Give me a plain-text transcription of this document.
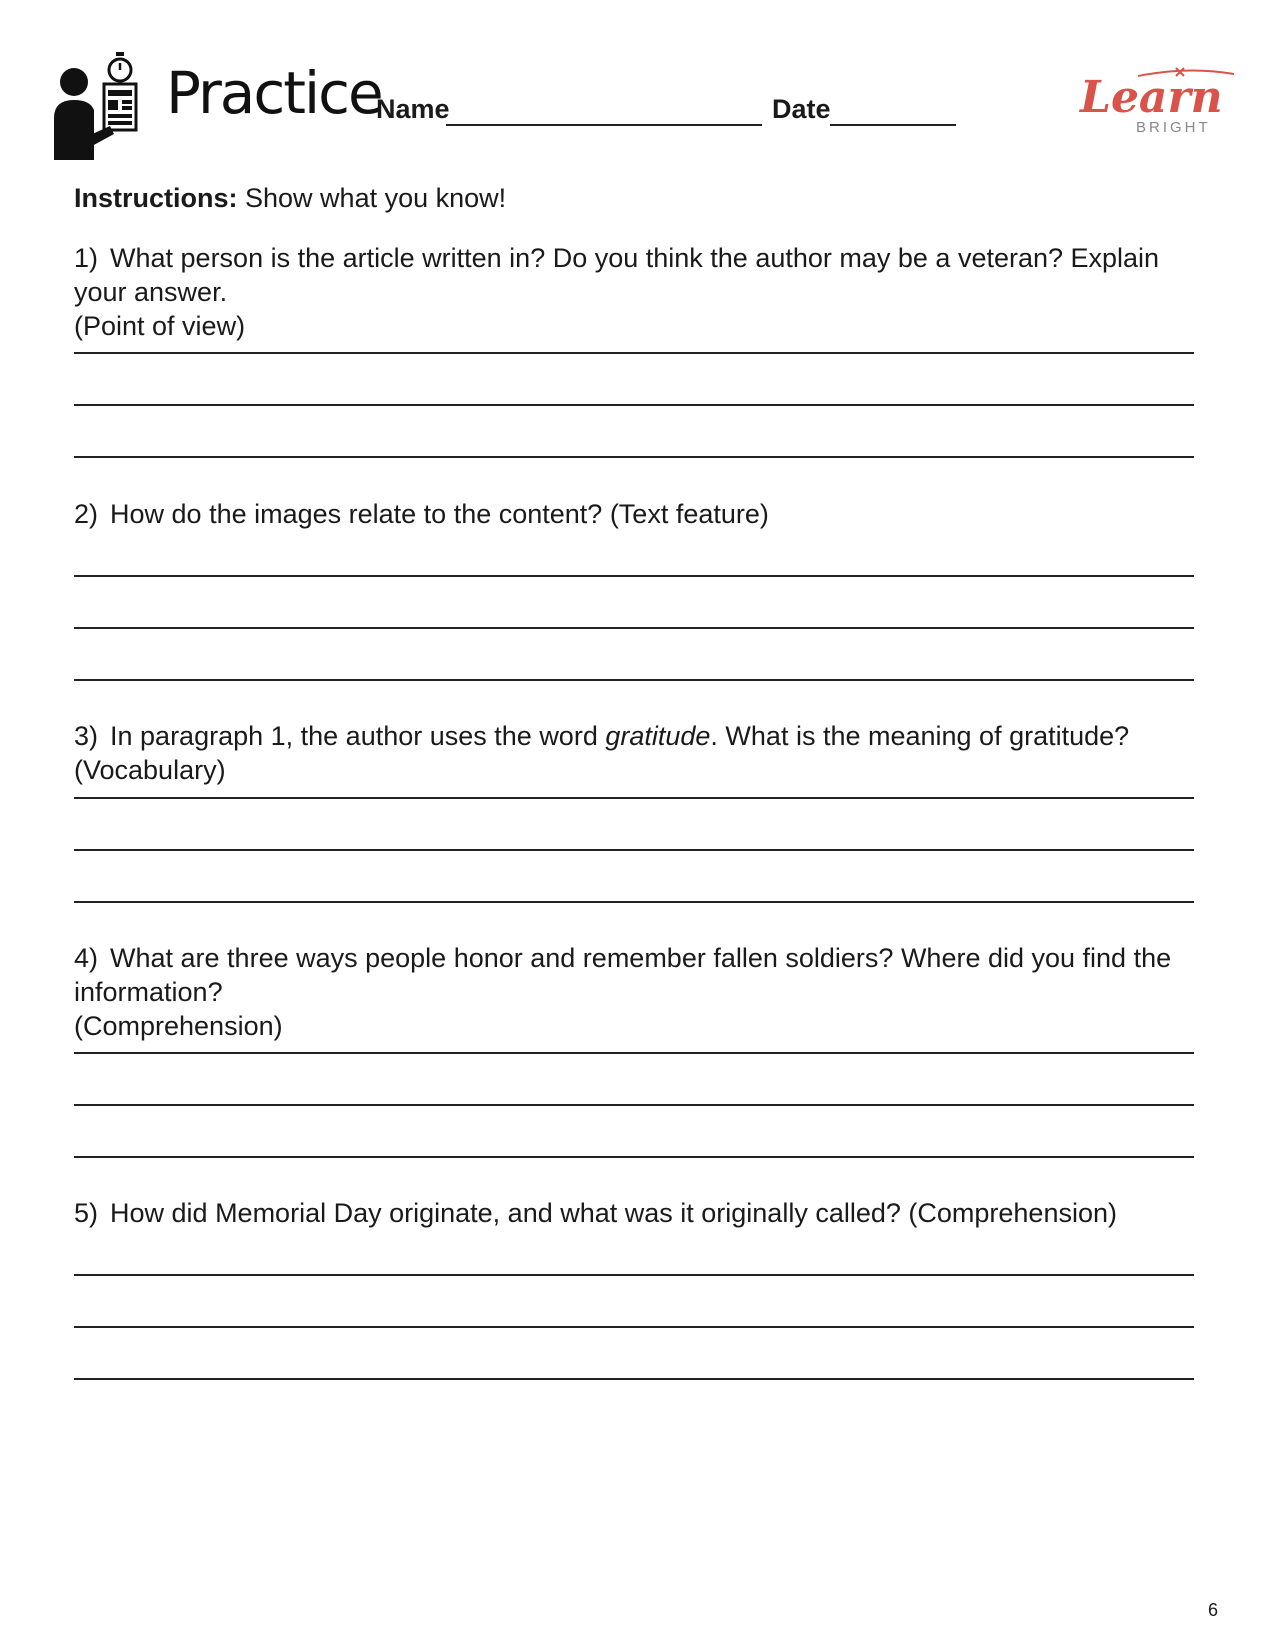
Practice
Name	Date	Learn
BRIGHT
Instructions: Show what you know!
1) What person is the article written in? Do you think the author may be a veteran? Explain your answer.
(Point of view)
2) How do the images relate to the content? (Text feature)
3) In paragraph 1, the author uses the word gratitude. What is the meaning of gratitude? (Vocabulary)
4) What are three ways people honor and remember fallen soldiers? Where did you find the information?
(Comprehension)
5) How did Memorial Day originate, and what was it originally called? (Comprehension)
6
